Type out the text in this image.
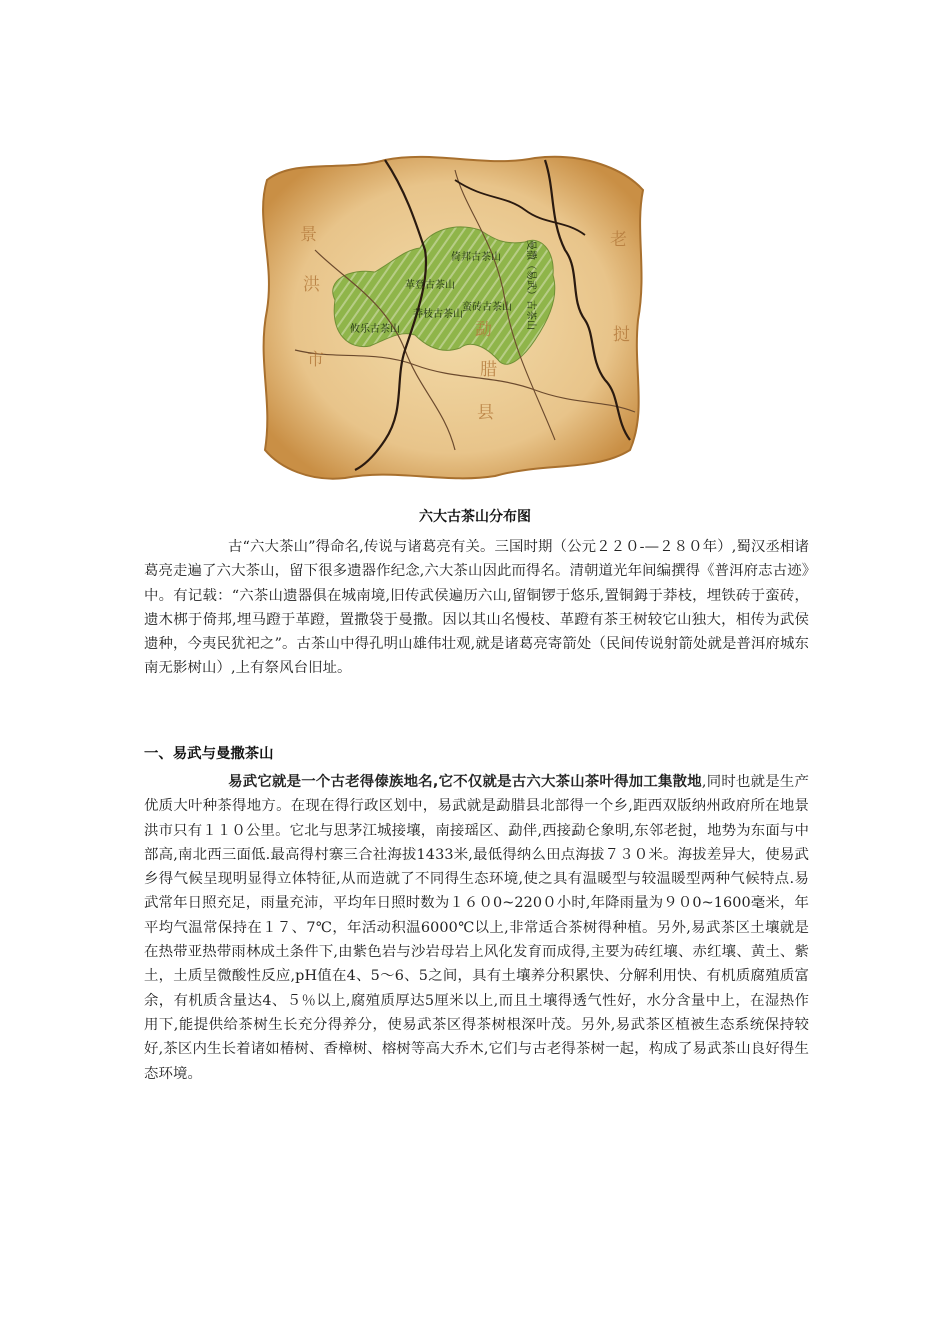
景
洪
市
勐
腊
县
老
挝
倚邦古茶山
革登古茶山
莽枝古茶山
蛮砖古茶山
攸乐古茶山	曼撒（易武）古茶山
六大古茶山分布图
古“六大茶山”得命名,传说与诸葛亮有关。三国时期（公元２２０-—２８０年）,蜀汉丞相诸葛亮走遍了六大茶山，留下很多遗器作纪念,六大茶山因此而得名。清朝道光年间编撰得《普洱府志古迹》中。有记载：“六茶山遗器俱在城南境,旧传武侯遍历六山,留铜锣于悠乐,置铜鉧于莽枝，埋铁砖于蛮砖，遗木梆于倚邦,埋马蹬于革蹬，置撒袋于曼撒。因以其山名慢枝、革蹬有茶王树较它山独大，相传为武侯遗种，今夷民犹祀之”。古茶山中得孔明山雄伟壮观,就是诸葛亮寄箭处（民间传说射箭处就是普洱府城东南无影树山）,上有祭风台旧址。
一、易武与曼撒茶山
易武它就是一个古老得傣族地名,它不仅就是古六大茶山茶叶得加工集散地,同时也就是生产优质大叶种茶得地方。在现在得行政区划中，易武就是勐腊县北部得一个乡,距西双版纳州政府所在地景洪市只有１１０公里。它北与思茅江城接壤，南接瑶区、勐伴,西接勐仑象明,东邻老挝，地势为东面与中部高,南北西三面低.最高得村寨三合社海拔1433米,最低得纳么田点海拔７３０米。海拔差异大，使易武乡得气候呈现明显得立体特征,从而造就了不同得生态环境,使之具有温暖型与较温暖型两种气候特点.易武常年日照充足，雨量充沛，平均年日照时数为１６０0~220０小时,年降雨量为９０0~1600毫米，年平均气温常保持在１７、7℃，年活动积温6000℃以上,非常适合茶树得种植。另外,易武茶区土壤就是在热带亚热带雨林成土条件下,由紫色岩与沙岩母岩上风化发育而成得,主要为砖红壤、赤红壤、黄土、紫土，土质呈微酸性反应,pH值在4、5～6、5之间，具有土壤养分积累快、分解利用快、有机质腐殖质富余，有机质含量达4、５％以上,腐殖质厚达5厘米以上,而且土壤得透气性好，水分含量中上，在湿热作用下,能提供给茶树生长充分得养分，使易武茶区得茶树根深叶茂。另外,易武茶区植被生态系统保持较好,茶区内生长着诸如椿树、香樟树、榕树等高大乔木,它们与古老得茶树一起，构成了易武茶山良好得生态环境。
